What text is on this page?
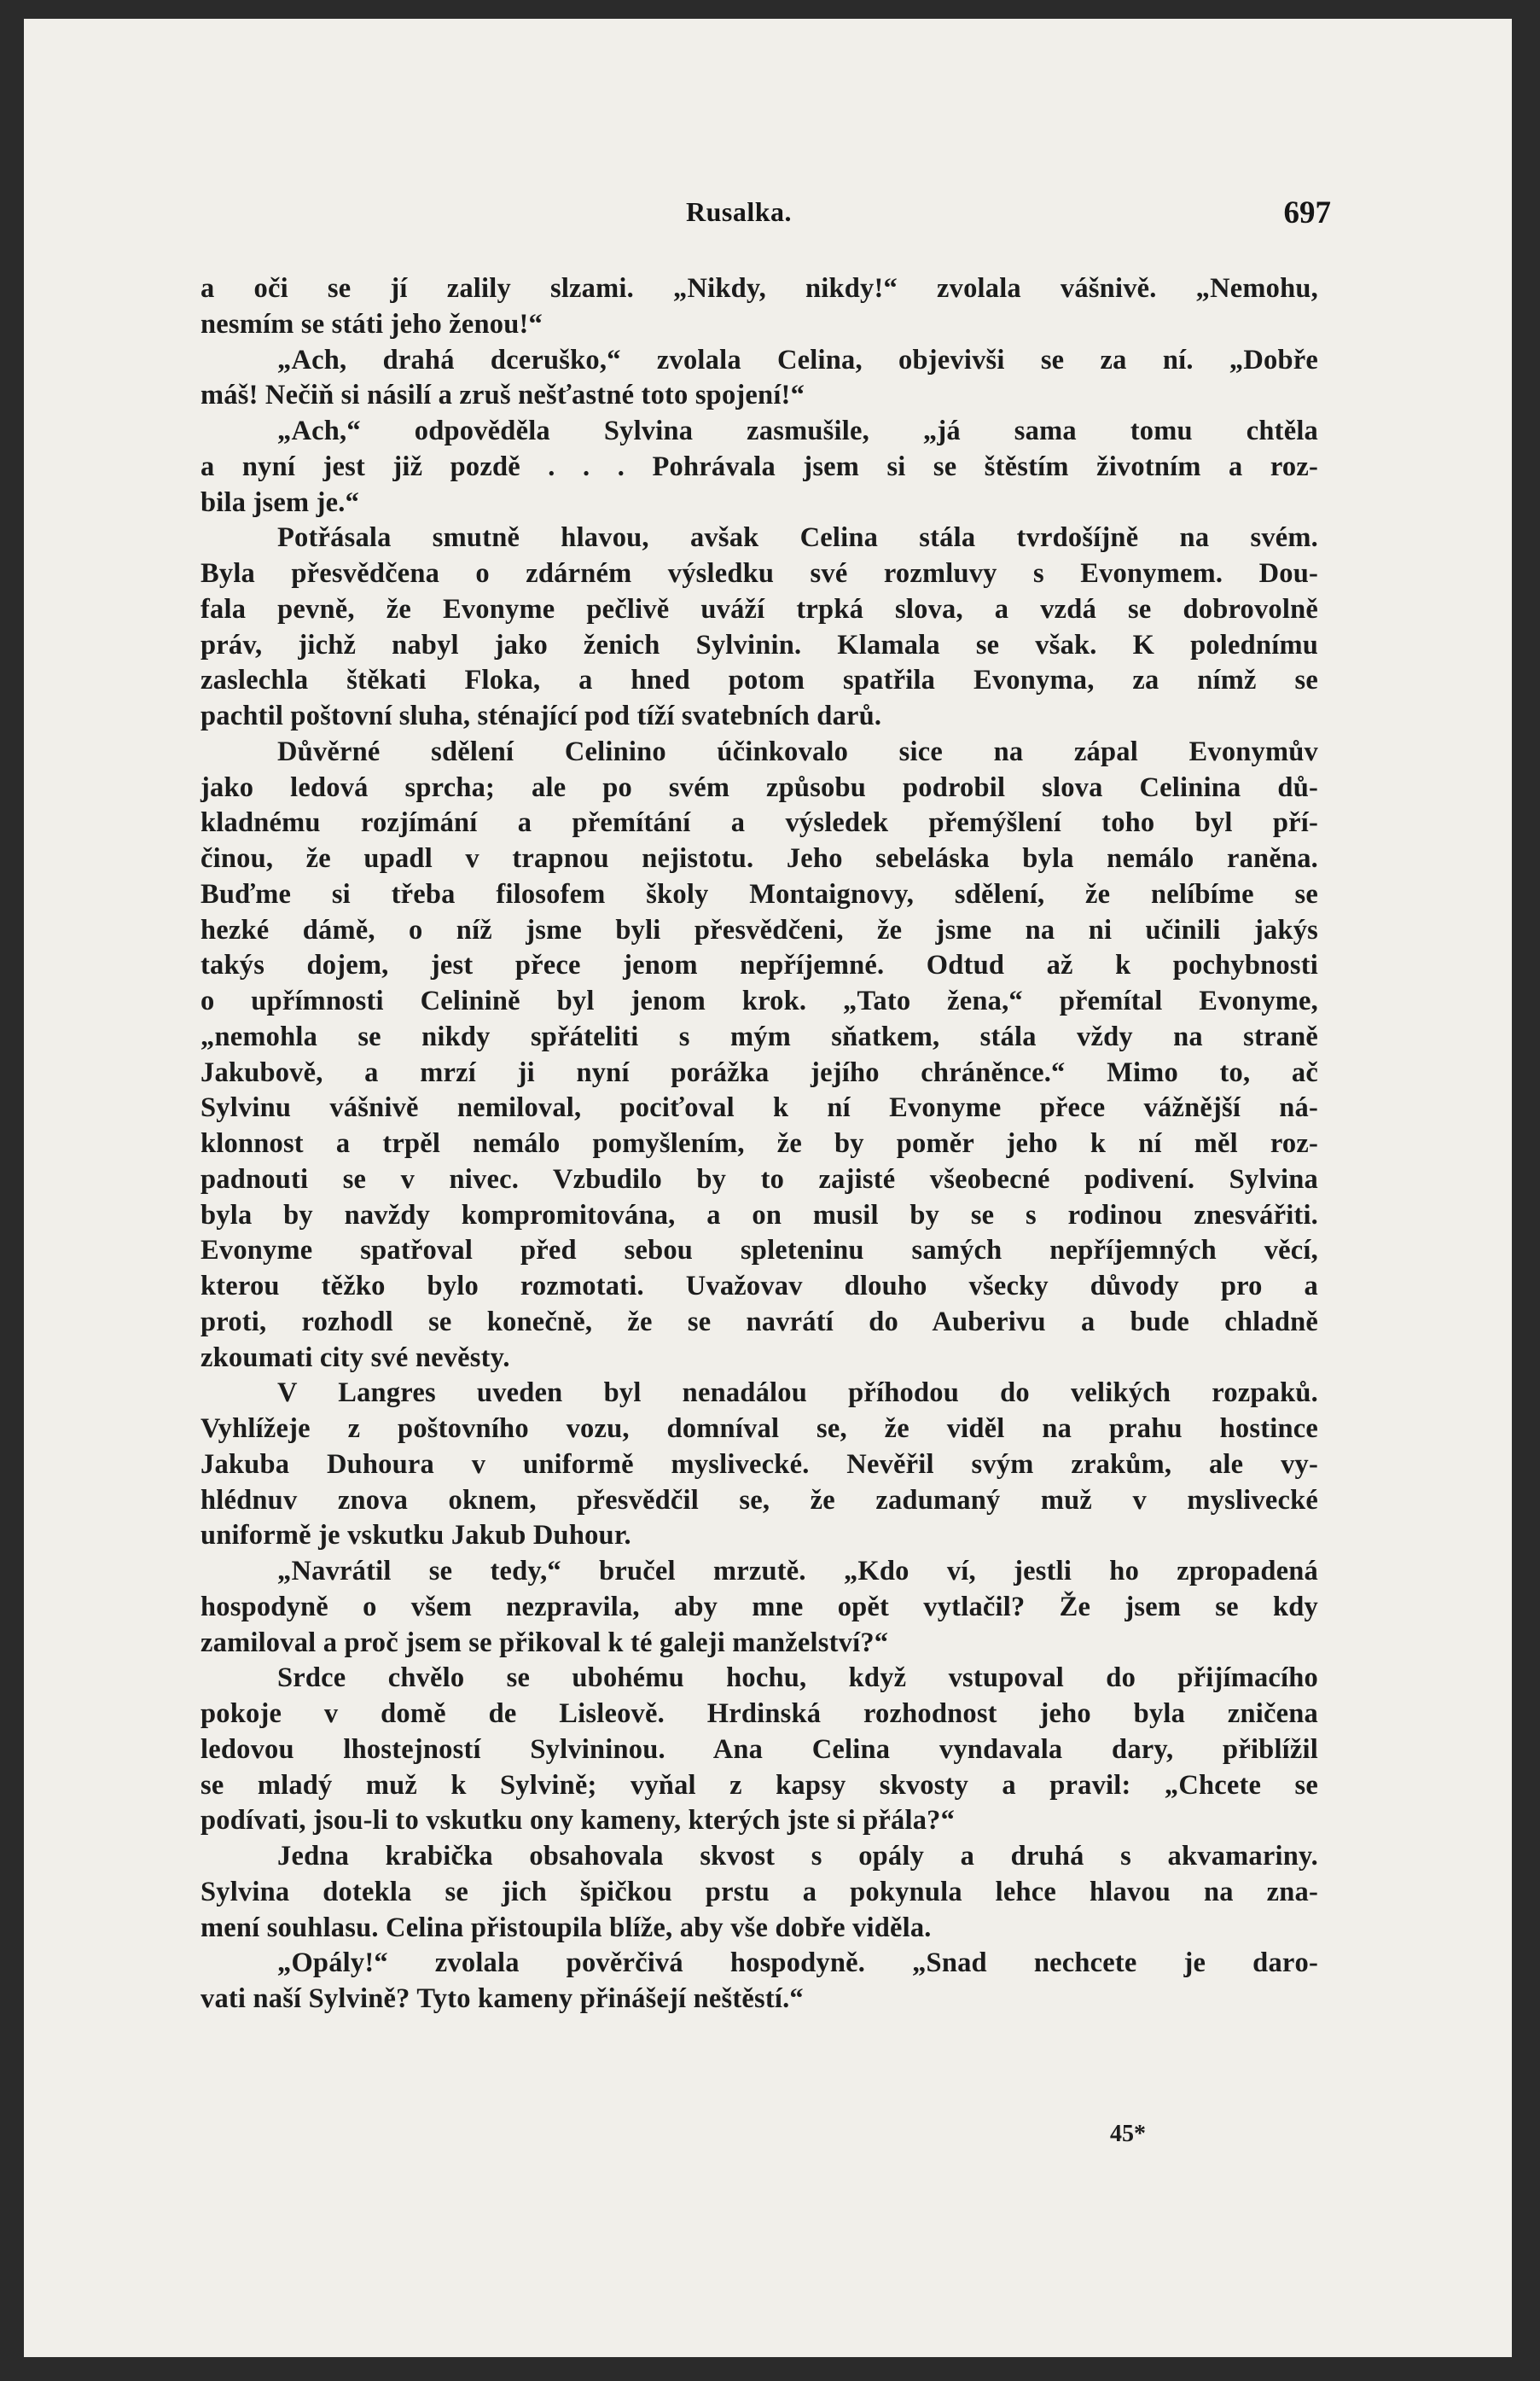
Rusalka.	697
a oči se jí zalily slzami. „Nikdy, nikdy!“ zvolala vášnivě. „Nemohu,
nesmím se státi jeho ženou!“
„Ach, drahá dceruško,“ zvolala Celina, objevivši se za ní. „Dobře
máš! Nečiň si násilí a zruš nešťastné toto spojení!“
„Ach,“ odpověděla Sylvina zasmušile, „já sama tomu chtěla
a nyní jest již pozdě . . . Pohrávala jsem si se štěstím životním a roz-
bila jsem je.“
Potřásala smutně hlavou, avšak Celina stála tvrdošíjně na svém.
Byla přesvědčena o zdárném výsledku své rozmluvy s Evonymem. Dou-
fala pevně, že Evonyme pečlivě uváží trpká slova, a vzdá se dobrovolně
práv, jichž nabyl jako ženich Sylvinin. Klamala se však. K polednímu
zaslechla štěkati Floka, a hned potom spatřila Evonyma, za nímž se
pachtil poštovní sluha, sténající pod tíží svatebních darů.
Důvěrné sdělení Celinino účinkovalo sice na zápal Evonymův
jako ledová sprcha; ale po svém způsobu podrobil slova Celinina dů-
kladnému rozjímání a přemítání a výsledek přemýšlení toho byl pří-
činou, že upadl v trapnou nejistotu. Jeho sebeláska byla nemálo raněna.
Buďme si třeba filosofem školy Montaignovy, sdělení, že nelíbíme se
hezké dámě, o níž jsme byli přesvědčeni, že jsme na ni učinili jakýs
takýs dojem, jest přece jenom nepříjemné. Odtud až k pochybnosti
o upřímnosti Celinině byl jenom krok. „Tato žena,“ přemítal Evonyme,
„nemohla se nikdy spřáteliti s mým sňatkem, stála vždy na straně
Jakubově, a mrzí ji nyní porážka jejího chráněnce.“ Mimo to, ač
Sylvinu vášnivě nemiloval, pociťoval k ní Evonyme přece vážnější ná-
klonnost a trpěl nemálo pomyšlením, že by poměr jeho k ní měl roz-
padnouti se v nivec. Vzbudilo by to zajisté všeobecné podivení. Sylvina
byla by navždy kompromitována, a on musil by se s rodinou znesvářiti.
Evonyme spatřoval před sebou spleteninu samých nepříjemných věcí,
kterou těžko bylo rozmotati. Uvažovav dlouho všecky důvody pro a
proti, rozhodl se konečně, že se navrátí do Auberivu a bude chladně
zkoumati city své nevěsty.
V Langres uveden byl nenadálou příhodou do velikých rozpaků.
Vyhlížeje z poštovního vozu, domníval se, že viděl na prahu hostince
Jakuba Duhoura v uniformě myslivecké. Nevěřil svým zrakům, ale vy-
hlédnuv znova oknem, přesvědčil se, že zadumaný muž v myslivecké
uniformě je vskutku Jakub Duhour.
„Navrátil se tedy,“ bručel mrzutě. „Kdo ví, jestli ho zpropadená
hospodyně o všem nezpravila, aby mne opět vytlačil? Že jsem se kdy
zamiloval a proč jsem se přikoval k té galeji manželství?“
Srdce chvělo se ubohému hochu, když vstupoval do přijímacího
pokoje v domě de Lisleově. Hrdinská rozhodnost jeho byla zničena
ledovou lhostejností Sylvininou. Ana Celina vyndavala dary, přiblížil
se mladý muž k Sylvině; vyňal z kapsy skvosty a pravil: „Chcete se
podívati, jsou-li to vskutku ony kameny, kterých jste si přála?“
Jedna krabička obsahovala skvost s opály a druhá s akvamariny.
Sylvina dotekla se jich špičkou prstu a pokynula lehce hlavou na zna-
mení souhlasu. Celina přistoupila blíže, aby vše dobře viděla.
„Opály!“ zvolala pověrčivá hospodyně. „Snad nechcete je darо-
vati naší Sylvině? Tyto kameny přinášejí neštěstí.“
45*
